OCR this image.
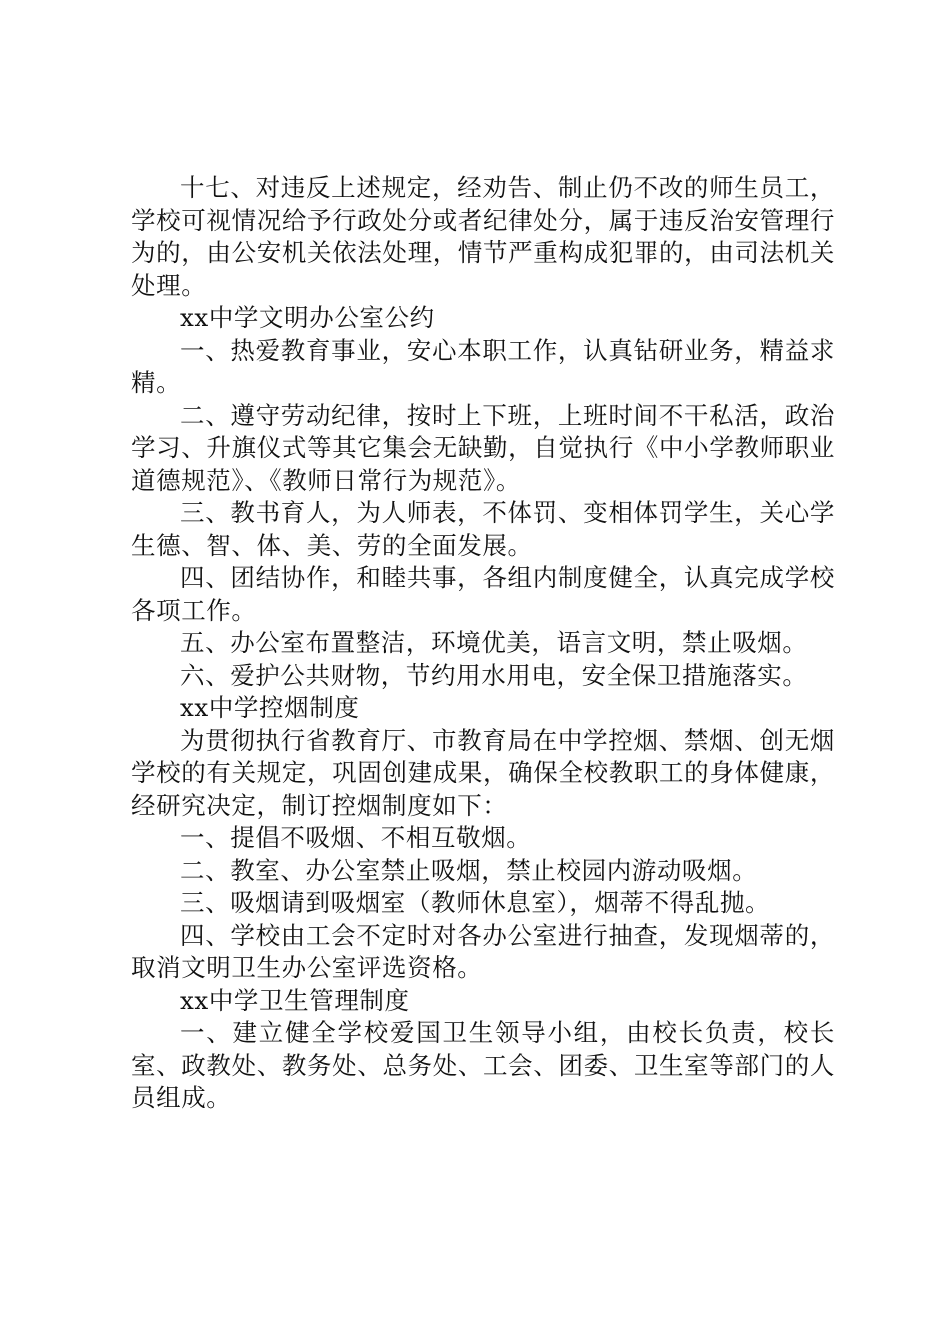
十七、对违反上述规定，经劝告、制止仍不改的师生员工，学校可视情况给予行政处分或者纪律处分，属于违反治安管理行为的，由公安机关依法处理，情节严重构成犯罪的，由司法机关处理。

xx中学文明办公室公约

一、热爱教育事业，安心本职工作，认真钻研业务，精益求精。

二、遵守劳动纪律，按时上下班，上班时间不干私活，政治学习、升旗仪式等其它集会无缺勤，自觉执行《中小学教师职业道德规范》、《教师日常行为规范》。

三、教书育人，为人师表，不体罚、变相体罚学生，关心学生德、智、体、美、劳的全面发展。

四、团结协作，和睦共事，各组内制度健全，认真完成学校各项工作。

五、办公室布置整洁，环境优美，语言文明，禁止吸烟。

六、爱护公共财物，节约用水用电，安全保卫措施落实。

xx中学控烟制度

为贯彻执行省教育厅、市教育局在中学控烟、禁烟、创无烟学校的有关规定，巩固创建成果，确保全校教职工的身体健康，经研究决定，制订控烟制度如下：

一、提倡不吸烟、不相互敬烟。

二、教室、办公室禁止吸烟，禁止校园内游动吸烟。

三、吸烟请到吸烟室（教师休息室），烟蒂不得乱抛。

四、学校由工会不定时对各办公室进行抽查，发现烟蒂的，取消文明卫生办公室评选资格。

xx中学卫生管理制度

一、建立健全学校爱国卫生领导小组，由校长负责，校长室、政教处、教务处、总务处、工会、团委、卫生室等部门的人员组成。
